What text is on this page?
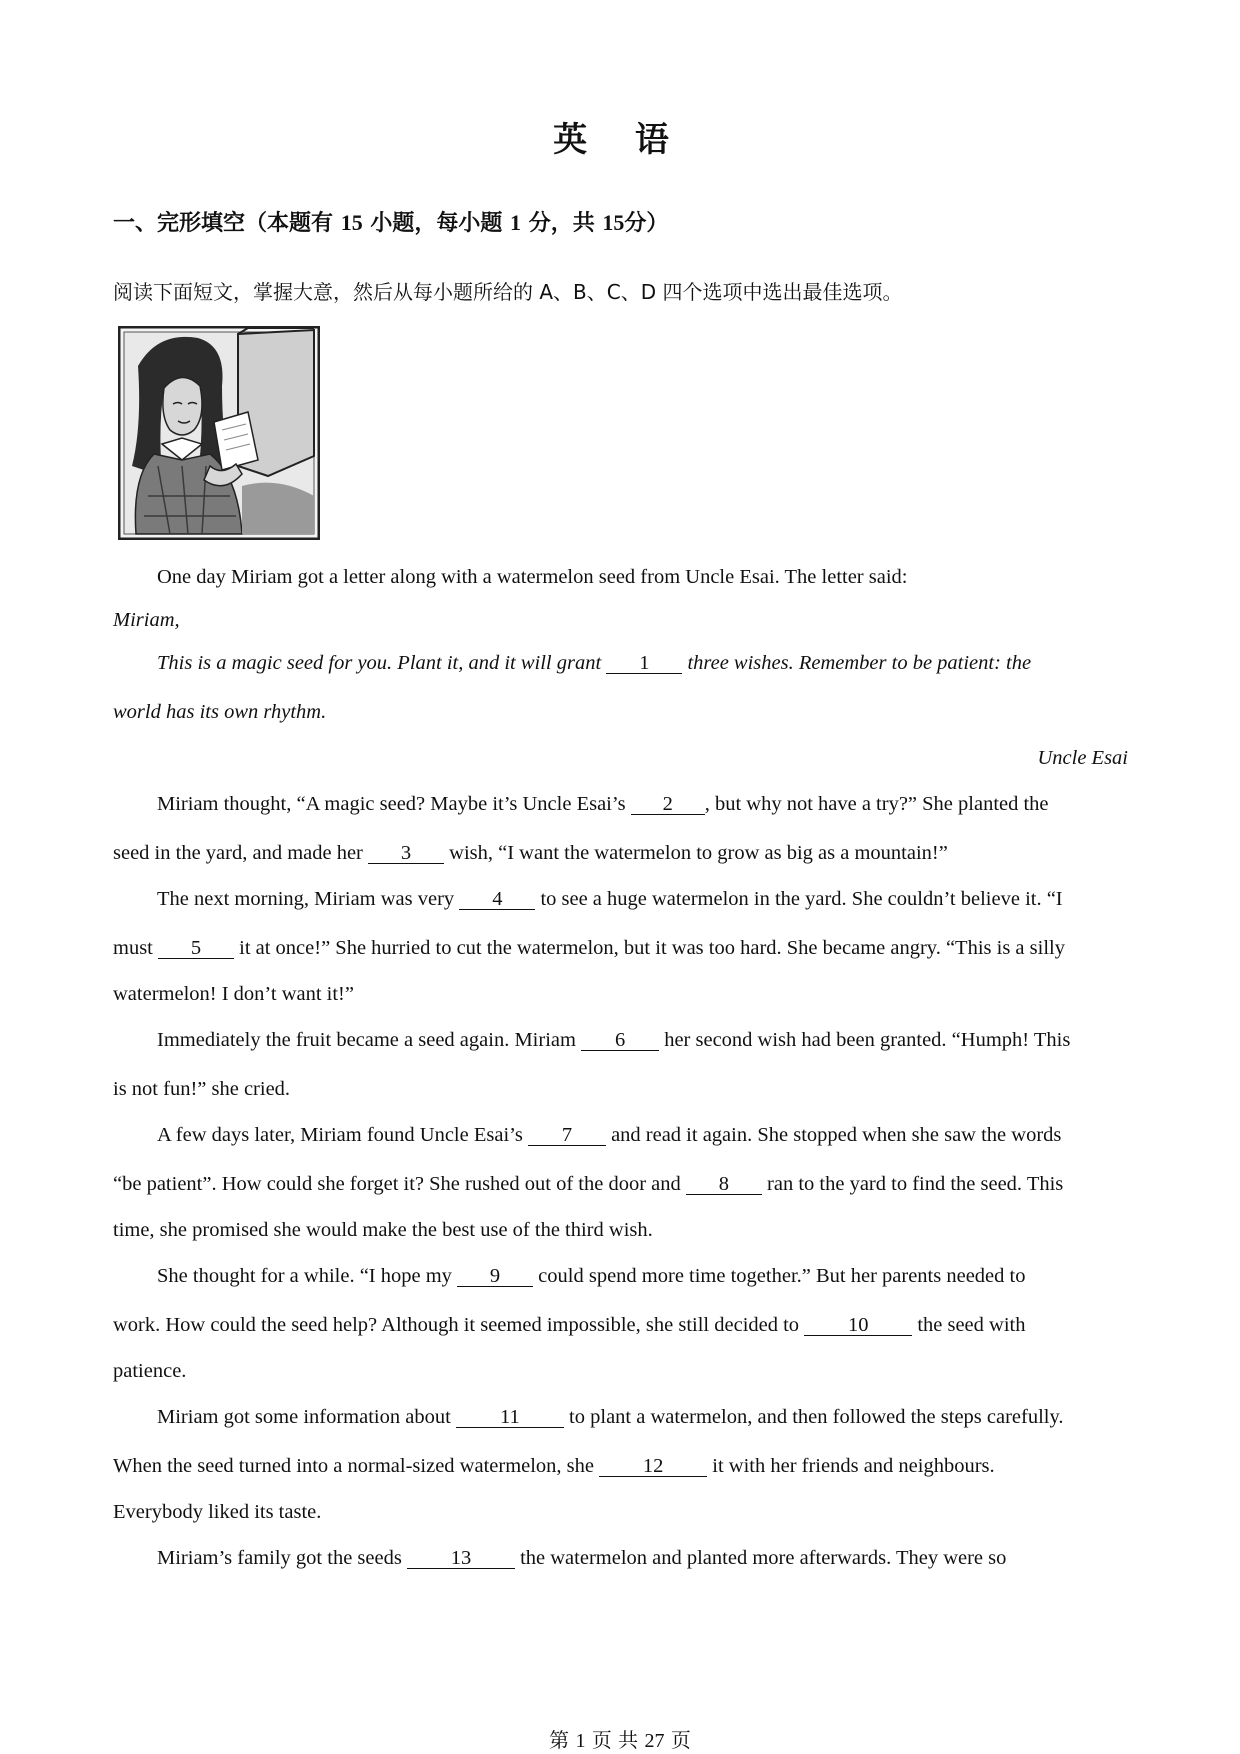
英 语
一、完形填空（本题有 15 小题，每小题 1 分，共 15分）
阅读下面短文，掌握大意，然后从每小题所给的 A、B、C、D 四个选项中选出最佳选项。
One day Miriam got a letter along with a watermelon seed from Uncle Esai. The letter said:
Miriam,
This is a magic seed for you. Plant it, and it will grant 1 three wishes. Remember to be patient: the
world has its own rhythm.
Uncle Esai
Miriam thought, “A magic seed? Maybe it’s Uncle Esai’s 2 , but why not have a try?” She planted the
seed in the yard, and made her 3 wish, “I want the watermelon to grow as big as a mountain!”
The next morning, Miriam was very 4 to see a huge watermelon in the yard. She couldn’t believe it. “I
must 5 it at once!” She hurried to cut the watermelon, but it was too hard. She became angry. “This is a silly
watermelon! I don’t want it!”
Immediately the fruit became a seed again. Miriam 6 her second wish had been granted. “Humph! This
is not fun!” she cried.
A few days later, Miriam found Uncle Esai’s 7 and read it again. She stopped when she saw the words
“be patient”. How could she forget it? She rushed out of the door and 8 ran to the yard to find the seed. This
time, she promised she would make the best use of the third wish.
She thought for a while. “I hope my 9 could spend more time together.” But her parents needed to
work. How could the seed help? Although it seemed impossible, she still decided to 10 the seed with
patience.
Miriam got some information about 11 to plant a watermelon, and then followed the steps carefully.
When the seed turned into a normal-sized watermelon, she 12 it with her friends and neighbours.
Everybody liked its taste.
Miriam’s family got the seeds 13 the watermelon and planted more afterwards. They were so
第 1 页 共 27 页
